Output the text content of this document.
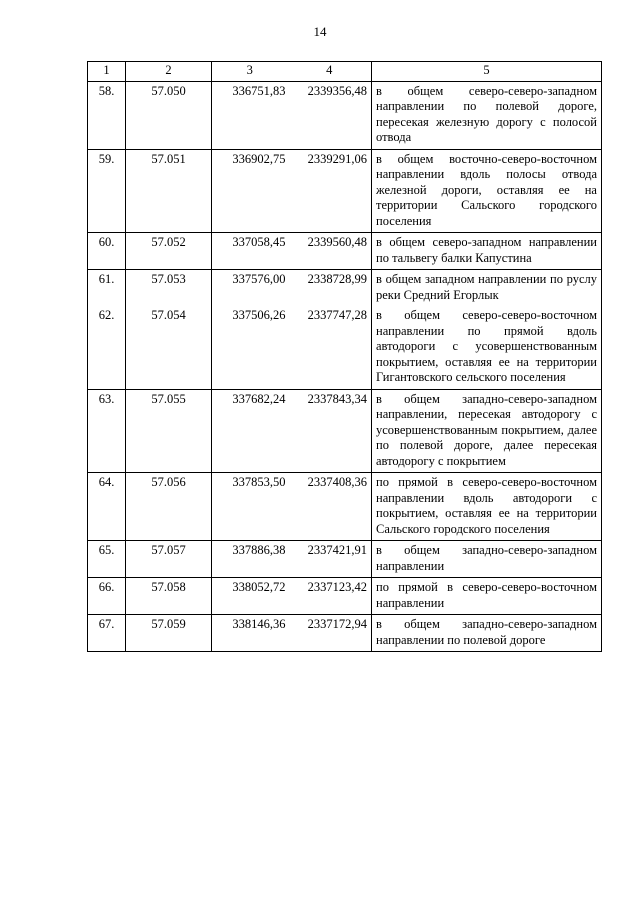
14
1	2	3	4	5
58.	57.050	336751,83	2339356,48	в общем северо-северо-западном направлении по полевой дороге, пересекая железную дорогу с полосой отвода
59.	57.051	336902,75	2339291,06	в общем восточно-северо-восточном направлении вдоль полосы отвода железной дороги, оставляя ее на территории Сальского городского поселения
60.	57.052	337058,45	2339560,48	в общем северо-западном направлении по тальвегу балки Капустина
61.	57.053	337576,00	2338728,99	в общем западном направлении по руслу реки Средний Егорлык
62.	57.054	337506,26	2337747,28	в общем северо-северо-восточном направлении по прямой вдоль автодороги с усовершенствованным покрытием, оставляя ее на территории Гигантовского сельского поселения
63.	57.055	337682,24	2337843,34	в общем западно-северо-западном направлении, пересекая автодорогу с усовершенствованным покрытием, далее по полевой дороге, далее пересекая автодорогу с покрытием
64.	57.056	337853,50	2337408,36	по прямой в северо-северо-восточном направлении вдоль автодороги с покрытием, оставляя ее на территории Сальского городского поселения
65.	57.057	337886,38	2337421,91	в общем западно-северо-западном направлении
66.	57.058	338052,72	2337123,42	по прямой в северо-северо-восточном направлении
67.	57.059	338146,36	2337172,94	в общем западно-северо-западном направлении по полевой дороге
